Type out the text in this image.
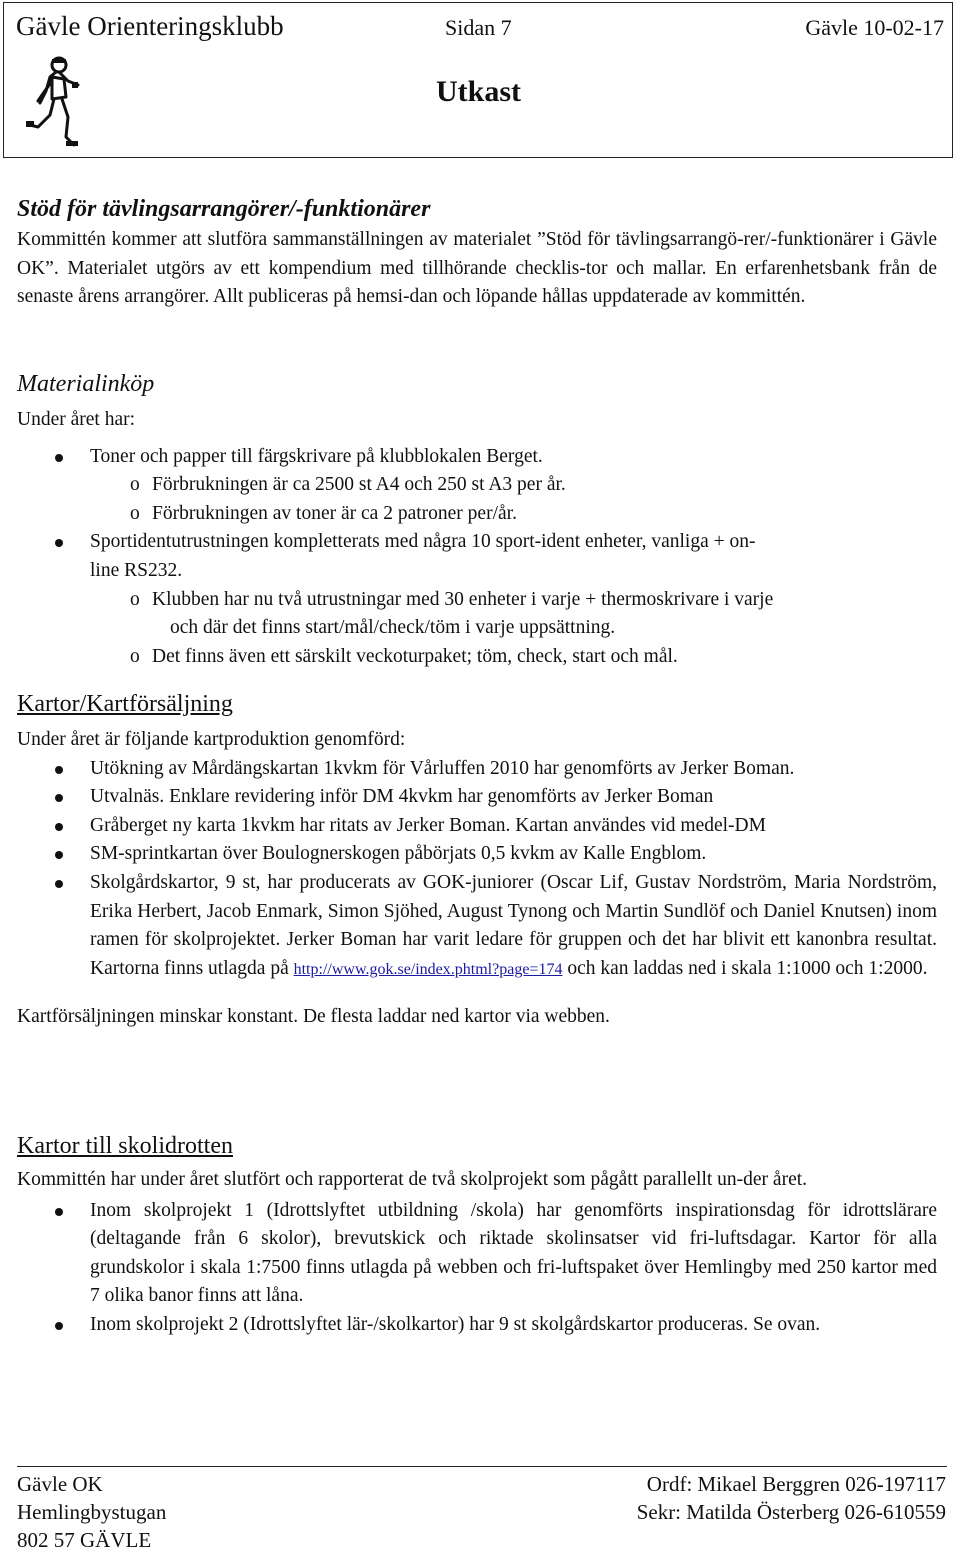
Gävle Orienteringsklubb	Sidan 7	Gävle 10-02-17
Utkast

Stöd för tävlingsarrangörer/-funktionärer

Kommittén kommer att slutföra sammanställningen av materialet ”Stöd för tävlingsarrangö-rer/-funktionärer i Gävle OK”. Materialet utgörs av ett kompendium med tillhörande checklis-tor och mallar. En erfarenhetsbank från de senaste årens arrangörer. Allt publiceras på hemsi-dan och löpande hållas uppdaterade av kommittén.

Materialinköp

Under året har:

Toner och papper till färgskrivare på klubblokalen Berget.
o Förbrukningen är ca 2500 st A4 och 250 st A3 per år.
o Förbrukningen av toner är ca 2 patroner per/år.
Sportidentutrustningen kompletterats med några 10 sport-ident enheter, vanliga + on-
line RS232.
o Klubben har nu två utrustningar med 30 enheter i varje + thermoskrivare i varje
och där det finns start/mål/check/töm i varje uppsättning.
o Det finns även ett särskilt veckoturpaket; töm, check, start och mål.

Kartor/Kartförsäljning

Under året är följande kartproduktion genomförd:

Utökning av Mårdängskartan 1kvkm för Vårluffen 2010 har genomförts av Jerker Boman.
Utvalnäs. Enklare revidering inför DM 4kvkm har genomförts av Jerker Boman
Gråberget ny karta 1kvkm har ritats av Jerker Boman. Kartan användes vid medel-DM
SM-sprintkartan över Boulognerskogen påbörjats 0,5 kvkm av Kalle Engblom.
Skolgårdskartor, 9 st, har producerats av GOK-juniorer (Oscar Lif, Gustav Nordström, Maria Nordström, Erika Herbert, Jacob Enmark, Simon Sjöhed, August Tynong och Martin Sundlöf och Daniel Knutsen) inom ramen för skolprojektet. Jerker Boman har varit ledare för gruppen och det har blivit ett kanonbra resultat. Kartorna finns utlagda på http://www.gok.se/index.phtml?page=174 och kan laddas ned i skala 1:1000 och 1:2000.

Kartförsäljningen minskar konstant. De flesta laddar ned kartor via webben.

Kartor till skolidrotten

Kommittén har under året slutfört och rapporterat de två skolprojekt som pågått parallellt un-der året.

Inom skolprojekt 1 (Idrottslyftet utbildning /skola) har genomförts inspirationsdag för idrottslärare (deltagande från 6 skolor), brevutskick och riktade skolinsatser vid fri-luftsdagar. Kartor för alla grundskolor i skala 1:7500 finns utlagda på webben och fri-luftspaket över Hemlingby med 250 kartor med 7 olika banor finns att låna.
Inom skolprojekt 2 (Idrottslyftet lär-/skolkartor) har 9 st skolgårdskartor produceras. Se ovan.
Gävle OK
Hemlingbystugan
802 57 GÄVLE
Ordf: Mikael Berggren 026-197117
Sekr: Matilda Österberg 026-610559
